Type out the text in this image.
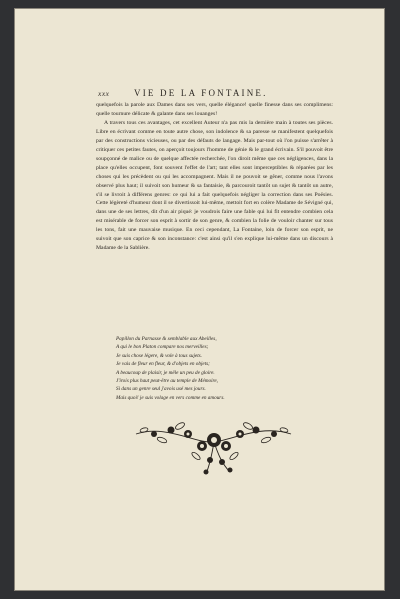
xxx	VIE DE LA FONTAINE.

quelquefois la parole aux Dames dans ses vers, quelle élégance! quelle finesse dans ses complimens: quelle tournure délicate & galante dans ses louanges!

A travers tous ces avantages, cet excellent Auteur n'a pas mis la dernière main à toutes ses pièces. Libre en écrivant comme en toute autre chose, son indolence & sa paresse se manifestent quelquefois par des constructions vicieuses, ou par des défauts de langage. Mais par-tout où l'on puisse s'arrêter à critiquer ces petites fautes, on aperçoit toujours l'homme de génie & le grand écrivain. S'il pouvoit être soupçonné de malice ou de quelque affectée recherchée, l'on diroit même que ces négligences, dans la place qu'elles occupent, font souvent l'effet de l'art; tant elles sont imperceptibles & réparées par les choses qui les précèdent ou qui les accompagnent. Mais il ne pouvoit se gêner, comme nous l'avons observé plus haut; il suivoit son humeur & sa fantaisie, & parcouroit tantôt un sujet & tantôt un autre, s'il se livroit à différens genres: ce qui lui a fait quelquefois négliger la correction dans ses Poësies. Cette légèreté d'humeur dont il se divertissoit lui-même, mettoit fort en colère Madame de Sévigné qui, dans une de ses lettres, dit d'un air piqué: je voudrois faire une fable qui lui fit entendre combien cela est misérable de forcer son esprit à sortir de son genre, & combien la folie de vouloir chanter sur tous les tons, fait une mauvaise musique. En ceci cependant, La Fontaine, loin de forcer son esprit, ne suivoit que son caprice & son inconstance: c'est ainsi qu'il s'en explique lui-même dans un discours à Madame de la Sablière.

Papillon du Parnasse & semblable aux Abeilles,
A qui le bon Platon compare nos merveilles;
Je suis chose légere, & vole à tous sujets.
Je vais de fleur en fleur, & d'objets en objets;
A beaucoup de plaisir, je mêle un peu de gloire.
J'irois plus haut peut-être au temple de Mémoire,
Si dans un genre seul j'avois usé mes jours.
Mais quoi! je suis volage en vers comme en amours.
